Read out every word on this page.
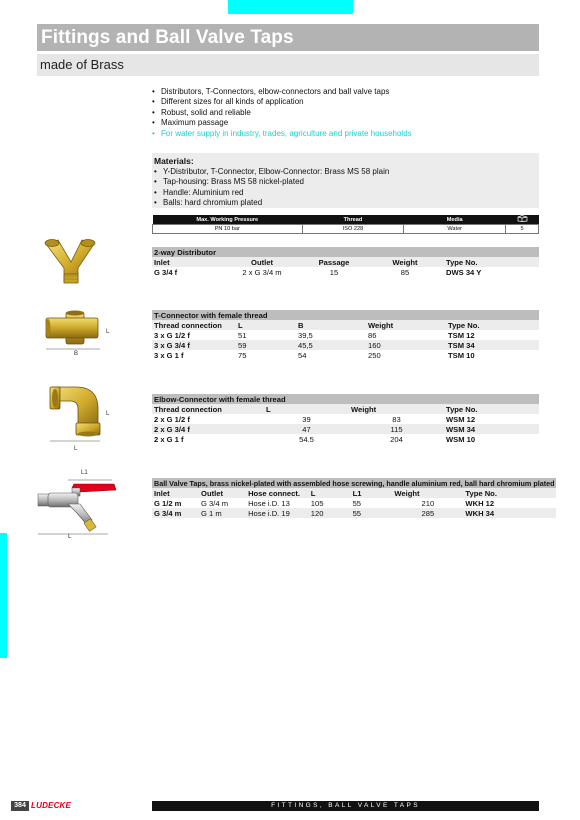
Fittings and Ball Valve Taps
made of Brass
• Distributors, T-Connectors, elbow-connectors and ball valve taps
• Different sizes for all kinds of application
• Robust, solid and reliable
• Maximum passage
• For water supply in industry, trades, agriculture and private households
Materials:
• Y-Distributor, T-Connector, Elbow-Connector: Brass MS 58 plain
• Tap-housing: Brass MS 58 nickel-plated
• Handle: Aluminium red
• Balls: hard chromium plated
Max. Working Pressure	Thread	Media	
PN 10 bar	ISO 228	Water	5
2-way Distributor				
Inlet	Outlet	Passage	Weight	Type No.
G 3/4 f	2 x G 3/4 m	15	85	DWS 34 Y
L
B
T-Connector with female thread				
Thread connection	L	B	Weight	Type No.
3 x G 1/2 f	51	39,5	86	TSM 12
3 x G 3/4 f	59	45,5	160	TSM 34
3 x G 1 f	75	54	250	TSM 10
L
L
Elbow-Connector with female thread			
Thread connection	L	Weight	Type No.
2 x G 1/2 f	39	83	WSM 12
2 x G 3/4 f	47	115	WSM 34
2 x G 1 f	54.5	204	WSM 10
L1
L
Ball Valve Taps, brass nickel-plated with assembled hose screwing, handle aluminium red, ball hard chromium plated						
Inlet	Outlet	Hose connect.	L	L1	Weight	Type No.
G 1/2 m	G 3/4 m	Hose i.D. 13	105	55	210	WKH 12
G 3/4 m	G 1 m	Hose i.D. 19	120	55	285	WKH 34
384 LUDECKE	FITTINGS, BALL VALVE TAPS
